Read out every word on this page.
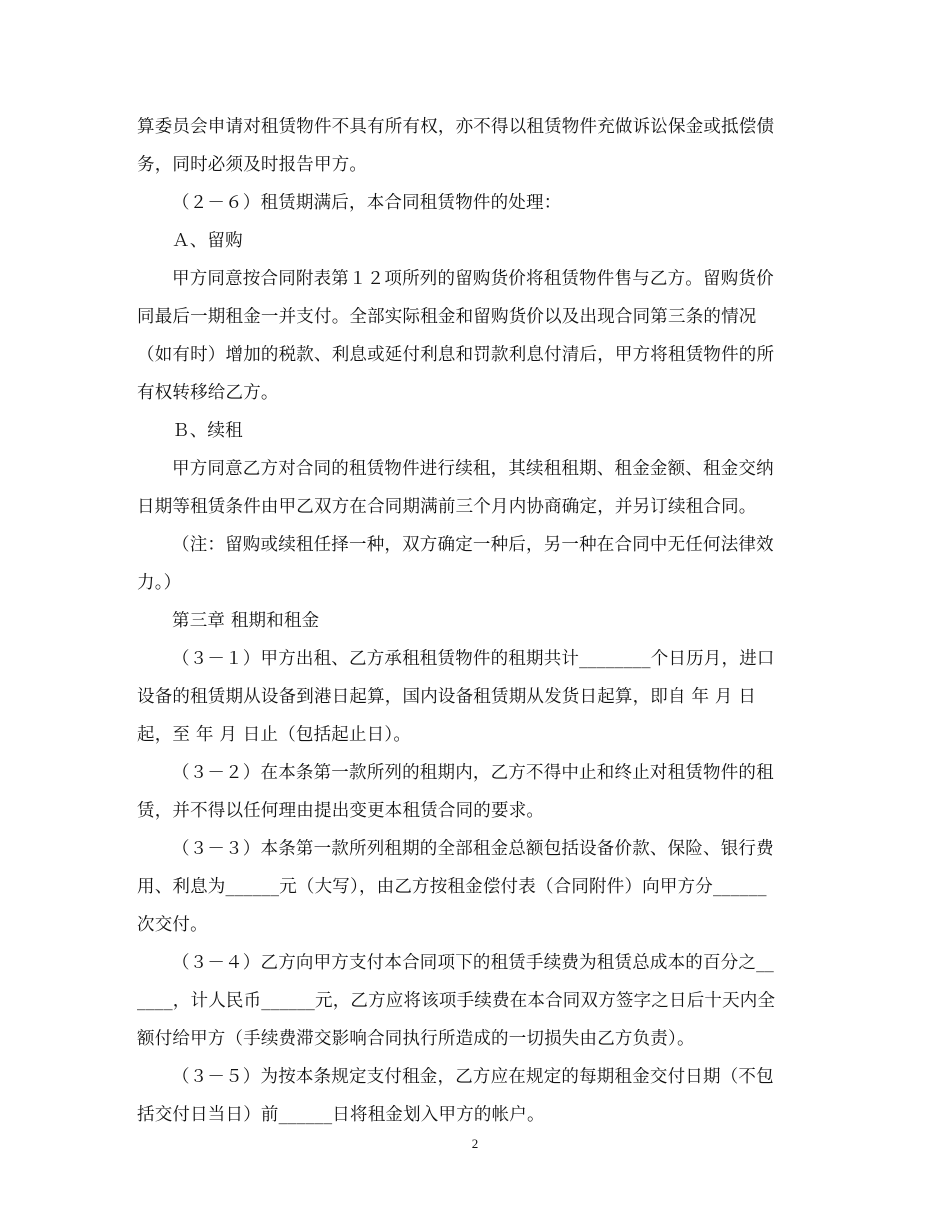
算委员会申请对租赁物件不具有所有权，亦不得以租赁物件充做诉讼保金或抵偿债
务，同时必须及时报告甲方。
（２－６）租赁期满后，本合同租赁物件的处理：
Ａ、留购
甲方同意按合同附表第１２项所列的留购货价将租赁物件售与乙方。留购货价
同最后一期租金一并支付。全部实际租金和留购货价以及出现合同第三条的情况
（如有时）增加的税款、利息或延付利息和罚款利息付清后，甲方将租赁物件的所
有权转移给乙方。
Ｂ、续租
甲方同意乙方对合同的租赁物件进行续租，其续租租期、租金金额、租金交纳
日期等租赁条件由甲乙双方在合同期满前三个月内协商确定，并另订续租合同。
（注：留购或续租任择一种，双方确定一种后，另一种在合同中无任何法律效
力。）
第三章 租期和租金
（３－１）甲方出租、乙方承租租赁物件的租期共计________个日历月，进口
设备的租赁期从设备到港日起算，国内设备租赁期从发货日起算，即自 年 月 日
起，至 年 月 日止（包括起止日）。
（３－２）在本条第一款所列的租期内，乙方不得中止和终止对租赁物件的租
赁，并不得以任何理由提出变更本租赁合同的要求。
（３－３）本条第一款所列租期的全部租金总额包括设备价款、保险、银行费
用、利息为______元（大写），由乙方按租金偿付表（合同附件）向甲方分______
次交付。
（３－４）乙方向甲方支付本合同项下的租赁手续费为租赁总成本的百分之__
____，计人民币______元，乙方应将该项手续费在本合同双方签字之日后十天内全
额付给甲方（手续费滞交影响合同执行所造成的一切损失由乙方负责）。
（３－５）为按本条规定支付租金，乙方应在规定的每期租金交付日期（不包
括交付日当日）前______日将租金划入甲方的帐户。
2
